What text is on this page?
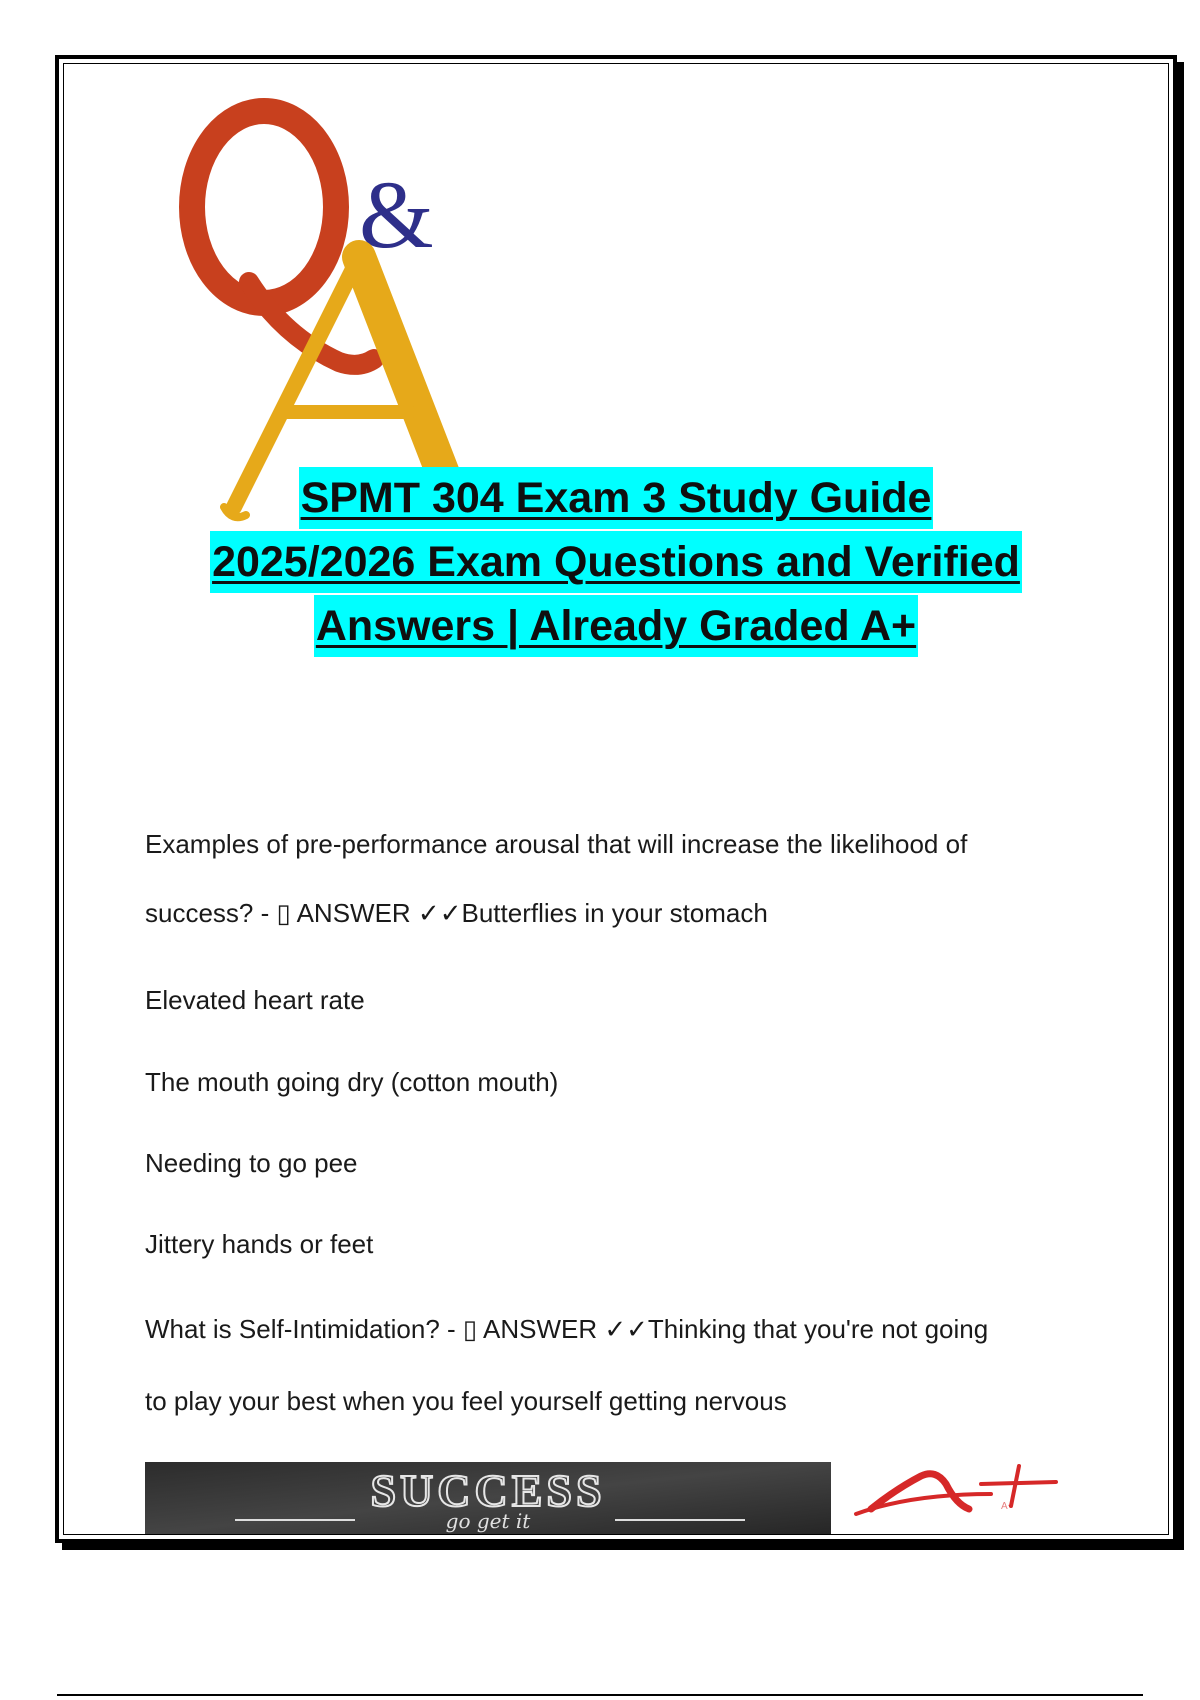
&
SPMT 304 Exam 3 Study Guide
2025/2026 Exam Questions and Verified
Answers | Already Graded A+
Examples of pre-performance arousal that will increase the likelihood of
success? - ▯ ANSWER ✓✓Butterflies in your stomach
Elevated heart rate
The mouth going dry (cotton mouth)
Needing to go pee
Jittery hands or feet
What is Self-Intimidation? - ▯ ANSWER ✓✓Thinking that you're not going
to play your best when you feel yourself getting nervous
SUCCESS
go get it
A+
